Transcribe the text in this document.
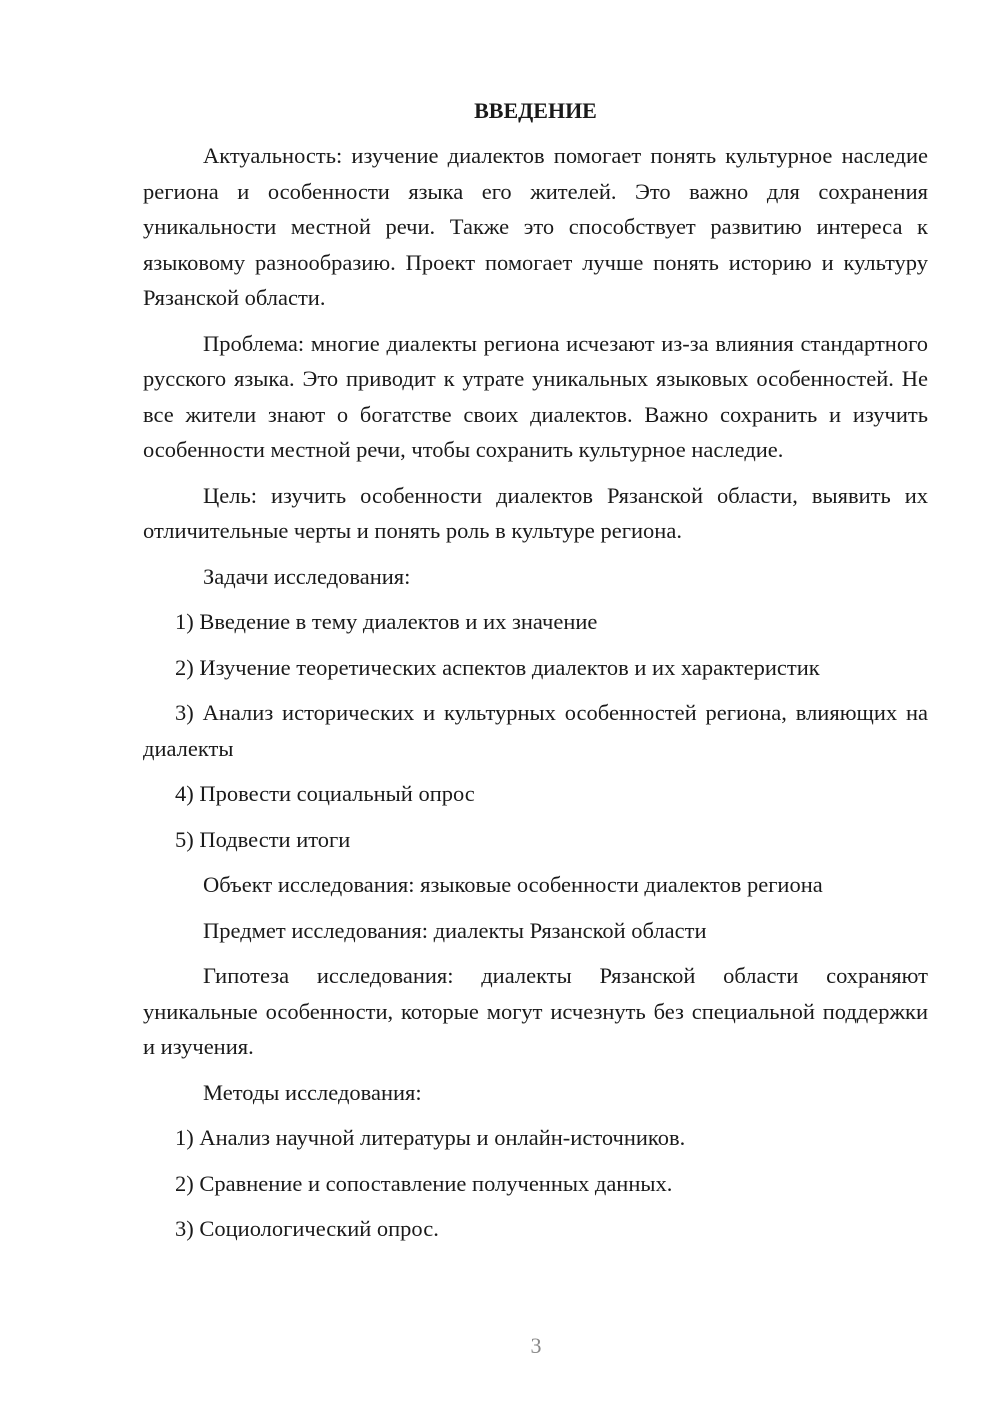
ВВЕДЕНИЕ
Актуальность: изучение диалектов помогает понять культурное наследие региона и особенности языка его жителей. Это важно для сохранения уникальности местной речи. Также это способствует развитию интереса к языковому разнообразию. Проект помогает лучше понять историю и культуру Рязанской области.
Проблема: многие диалекты региона исчезают из-за влияния стандартного русского языка. Это приводит к утрате уникальных языковых особенностей. Не все жители знают о богатстве своих диалектов. Важно сохранить и изучить особенности местной речи, чтобы сохранить культурное наследие.
Цель: изучить особенности диалектов Рязанской области, выявить их отличительные черты и понять роль в культуре региона.
Задачи исследования:
1) Введение в тему диалектов и их значение
2) Изучение теоретических аспектов диалектов и их характеристик
3) Анализ исторических и культурных особенностей региона, влияющих на диалекты
4) Провести социальный опрос
5) Подвести итоги
Объект исследования: языковые особенности диалектов региона
Предмет исследования: диалекты Рязанской области
Гипотеза исследования: диалекты Рязанской области сохраняют уникальные особенности, которые могут исчезнуть без специальной поддержки и изучения.
Методы исследования:
1) Анализ научной литературы и онлайн-источников.
2) Сравнение и сопоставление полученных данных.
3) Социологический опрос.
3
